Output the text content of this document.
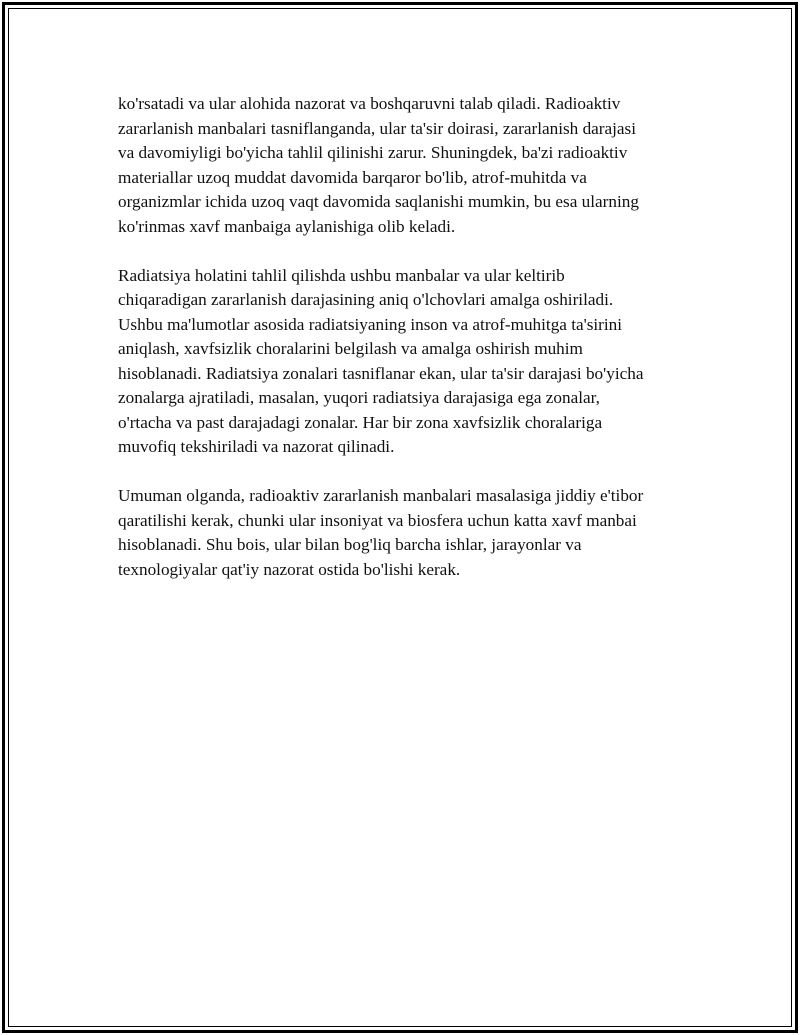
ko'rsatadi va ular alohida nazorat va boshqaruvni talab qiladi. Radioaktiv
zararlanish manbalari tasniflanganda, ular ta'sir doirasi, zararlanish darajasi
va davomiyligi bo'yicha tahlil qilinishi zarur. Shuningdek, ba'zi radioaktiv
materiallar uzoq muddat davomida barqaror bo'lib, atrof-muhitda va
organizmlar ichida uzoq vaqt davomida saqlanishi mumkin, bu esa ularning
ko'rinmas xavf manbaiga aylanishiga olib keladi.

Radiatsiya holatini tahlil qilishda ushbu manbalar va ular keltirib
chiqaradigan zararlanish darajasining aniq o'lchovlari amalga oshiriladi.
Ushbu ma'lumotlar asosida radiatsiyaning inson va atrof-muhitga ta'sirini
aniqlash, xavfsizlik choralarini belgilash va amalga oshirish muhim
hisoblanadi. Radiatsiya zonalari tasniflanar ekan, ular ta'sir darajasi bo'yicha
zonalarga ajratiladi, masalan, yuqori radiatsiya darajasiga ega zonalar,
o'rtacha va past darajadagi zonalar. Har bir zona xavfsizlik choralariga
muvofiq tekshiriladi va nazorat qilinadi.

Umuman olganda, radioaktiv zararlanish manbalari masalasiga jiddiy e'tibor
qaratilishi kerak, chunki ular insoniyat va biosfera uchun katta xavf manbai
hisoblanadi. Shu bois, ular bilan bog'liq barcha ishlar, jarayonlar va
texnologiyalar qat'iy nazorat ostida bo'lishi kerak.
